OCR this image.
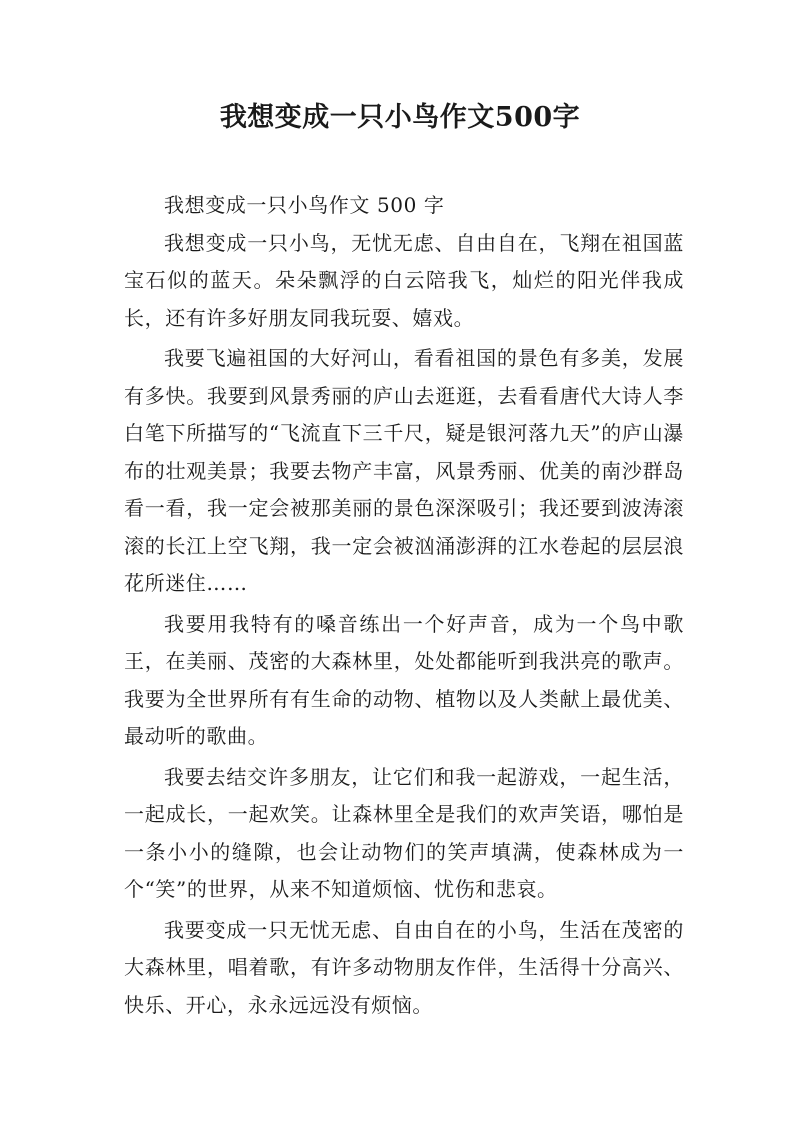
我想变成一只小鸟作文500字

我想变成一只小鸟作文 500 字

我想变成一只小鸟，无忧无虑、自由自在，飞翔在祖国蓝宝石似的蓝天。朵朵飘浮的白云陪我飞，灿烂的阳光伴我成长，还有许多好朋友同我玩耍、嬉戏。

我要飞遍祖国的大好河山，看看祖国的景色有多美，发展有多快。我要到风景秀丽的庐山去逛逛，去看看唐代大诗人李白笔下所描写的“飞流直下三千尺，疑是银河落九天”的庐山瀑布的壮观美景；我要去物产丰富，风景秀丽、优美的南沙群岛看一看，我一定会被那美丽的景色深深吸引；我还要到波涛滚滚的长江上空飞翔，我一定会被汹涌澎湃的江水卷起的层层浪花所迷住……

我要用我特有的嗓音练出一个好声音，成为一个鸟中歌王，在美丽、茂密的大森林里，处处都能听到我洪亮的歌声。我要为全世界所有有生命的动物、植物以及人类献上最优美、最动听的歌曲。

我要去结交许多朋友，让它们和我一起游戏，一起生活，一起成长，一起欢笑。让森林里全是我们的欢声笑语，哪怕是一条小小的缝隙，也会让动物们的笑声填满，使森林成为一个“笑”的世界，从来不知道烦恼、忧伤和悲哀。

我要变成一只无忧无虑、自由自在的小鸟，生活在茂密的大森林里，唱着歌，有许多动物朋友作伴，生活得十分高兴、快乐、开心，永永远远没有烦恼。
